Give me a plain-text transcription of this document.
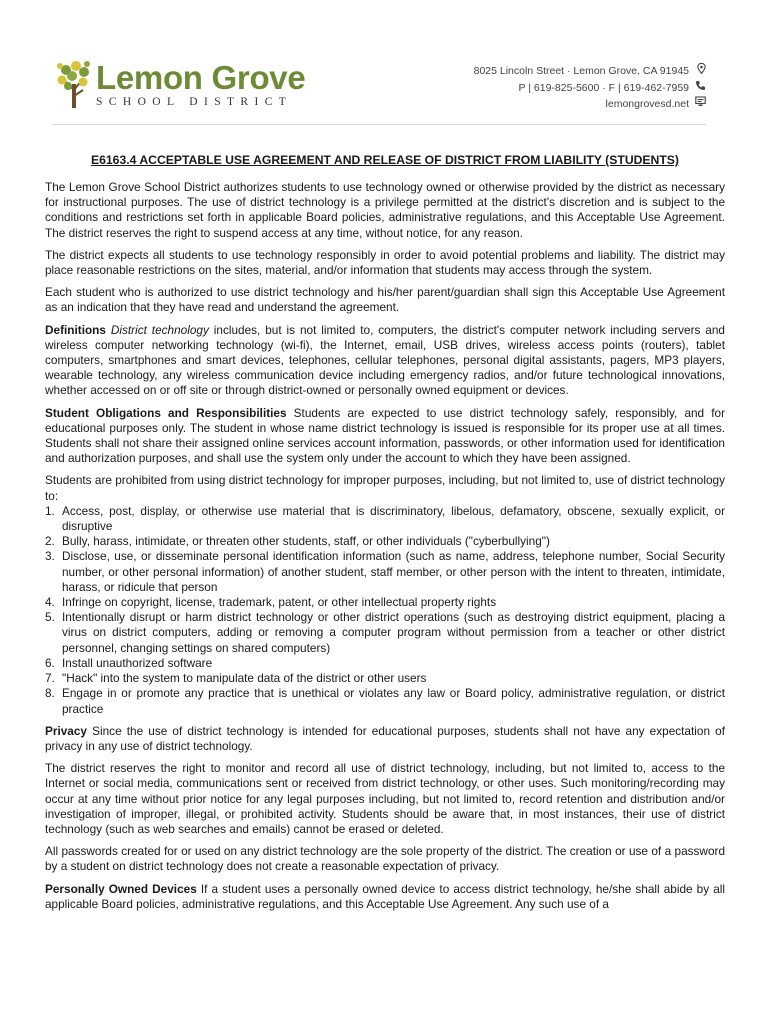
Lemon Grove
SCHOOL DISTRICT
8025 Lincoln Street · Lemon Grove, CA 91945
P | 619-825-5600 · F | 619-462-7959
lemongrovesd.net
E6163.4 ACCEPTABLE USE AGREEMENT AND RELEASE OF DISTRICT FROM LIABILITY (STUDENTS)

The Lemon Grove School District authorizes students to use technology owned or otherwise provided by the district as necessary for instructional purposes. The use of district technology is a privilege permitted at the district's discretion and is subject to the conditions and restrictions set forth in applicable Board policies, administrative regulations, and this Acceptable Use Agreement. The district reserves the right to suspend access at any time, without notice, for any reason.

The district expects all students to use technology responsibly in order to avoid potential problems and liability. The district may place reasonable restrictions on the sites, material, and/or information that students may access through the system.

Each student who is authorized to use district technology and his/her parent/guardian shall sign this Acceptable Use Agreement as an indication that they have read and understand the agreement.

Definitions District technology includes, but is not limited to, computers, the district's computer network including servers and wireless computer networking technology (wi-fi), the Internet, email, USB drives, wireless access points (routers), tablet computers, smartphones and smart devices, telephones, cellular telephones, personal digital assistants, pagers, MP3 players, wearable technology, any wireless communication device including emergency radios, and/or future technological innovations, whether accessed on or off site or through district-owned or personally owned equipment or devices.

Student Obligations and Responsibilities Students are expected to use district technology safely, responsibly, and for educational purposes only. The student in whose name district technology is issued is responsible for its proper use at all times. Students shall not share their assigned online services account information, passwords, or other information used for identification and authorization purposes, and shall use the system only under the account to which they have been assigned.

Students are prohibited from using district technology for improper purposes, including, but not limited to, use of district technology to:

1. Access, post, display, or otherwise use material that is discriminatory, libelous, defamatory, obscene, sexually explicit, or disruptive
2. Bully, harass, intimidate, or threaten other students, staff, or other individuals ("cyberbullying")
3. Disclose, use, or disseminate personal identification information (such as name, address, telephone number, Social Security number, or other personal information) of another student, staff member, or other person with the intent to threaten, intimidate, harass, or ridicule that person
4. Infringe on copyright, license, trademark, patent, or other intellectual property rights
5. Intentionally disrupt or harm district technology or other district operations (such as destroying district equipment, placing a virus on district computers, adding or removing a computer program without permission from a teacher or other district personnel, changing settings on shared computers)
6. Install unauthorized software
7. "Hack" into the system to manipulate data of the district or other users
8. Engage in or promote any practice that is unethical or violates any law or Board policy, administrative regulation, or district practice

Privacy Since the use of district technology is intended for educational purposes, students shall not have any expectation of privacy in any use of district technology.

The district reserves the right to monitor and record all use of district technology, including, but not limited to, access to the Internet or social media, communications sent or received from district technology, or other uses. Such monitoring/recording may occur at any time without prior notice for any legal purposes including, but not limited to, record retention and distribution and/or investigation of improper, illegal, or prohibited activity. Students should be aware that, in most instances, their use of district technology (such as web searches and emails) cannot be erased or deleted.

All passwords created for or used on any district technology are the sole property of the district. The creation or use of a password by a student on district technology does not create a reasonable expectation of privacy.

Personally Owned Devices If a student uses a personally owned device to access district technology, he/she shall abide by all applicable Board policies, administrative regulations, and this Acceptable Use Agreement. Any such use of a
